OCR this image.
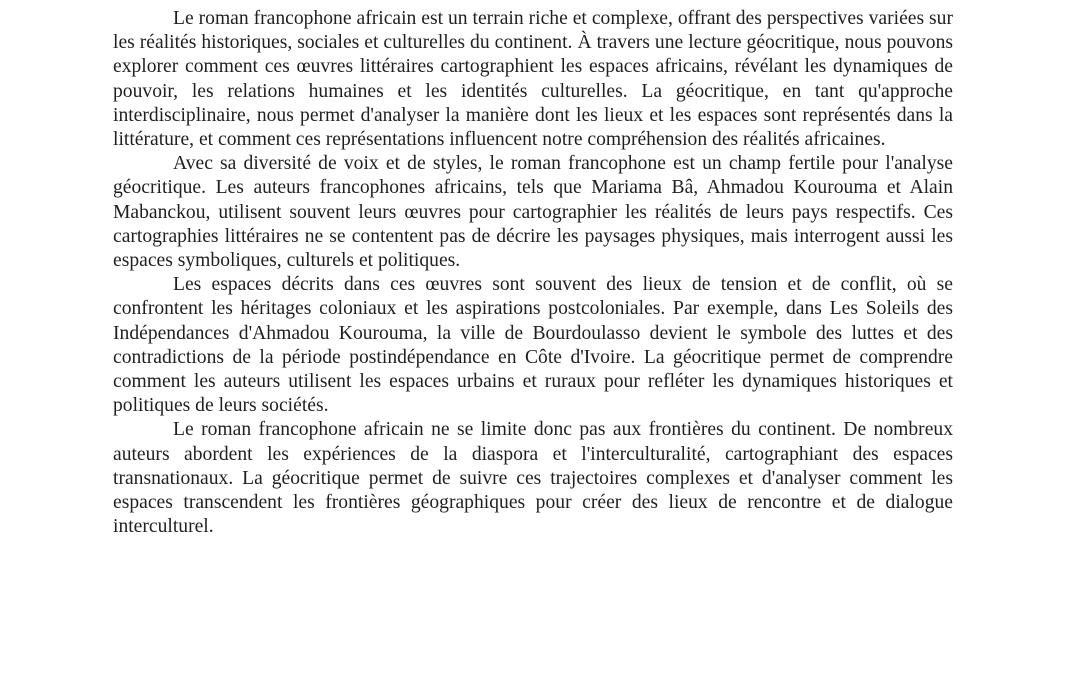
Le roman francophone africain est un terrain riche et complexe, offrant des perspectives variées sur les réalités historiques, sociales et culturelles du continent. À travers une lecture géocritique, nous pouvons explorer comment ces œuvres littéraires cartographient les espaces africains, révélant les dynamiques de pouvoir, les relations humaines et les identités culturelles. La géocritique, en tant qu'approche interdisciplinaire, nous permet d'analyser la manière dont les lieux et les espaces sont représentés dans la littérature, et comment ces représentations influencent notre compréhension des réalités africaines.

Avec sa diversité de voix et de styles, le roman francophone est un champ fertile pour l'analyse géocritique. Les auteurs francophones africains, tels que Mariama Bâ, Ahmadou Kourouma et Alain Mabanckou, utilisent souvent leurs œuvres pour cartographier les réalités de leurs pays respectifs. Ces cartographies littéraires ne se contentent pas de décrire les paysages physiques, mais interrogent aussi les espaces symboliques, culturels et politiques.

Les espaces décrits dans ces œuvres sont souvent des lieux de tension et de conflit, où se confrontent les héritages coloniaux et les aspirations postcoloniales. Par exemple, dans Les Soleils des Indépendances d'Ahmadou Kourouma, la ville de Bourdoulasso devient le symbole des luttes et des contradictions de la période postindépendance en Côte d'Ivoire. La géocritique permet de comprendre comment les auteurs utilisent les espaces urbains et ruraux pour refléter les dynamiques historiques et politiques de leurs sociétés.

Le roman francophone africain ne se limite donc pas aux frontières du continent. De nombreux auteurs abordent les expériences de la diaspora et l'interculturalité, cartographiant des espaces transnationaux. La géocritique permet de suivre ces trajectoires complexes et d'analyser comment les espaces transcendent les frontières géographiques pour créer des lieux de rencontre et de dialogue interculturel.
